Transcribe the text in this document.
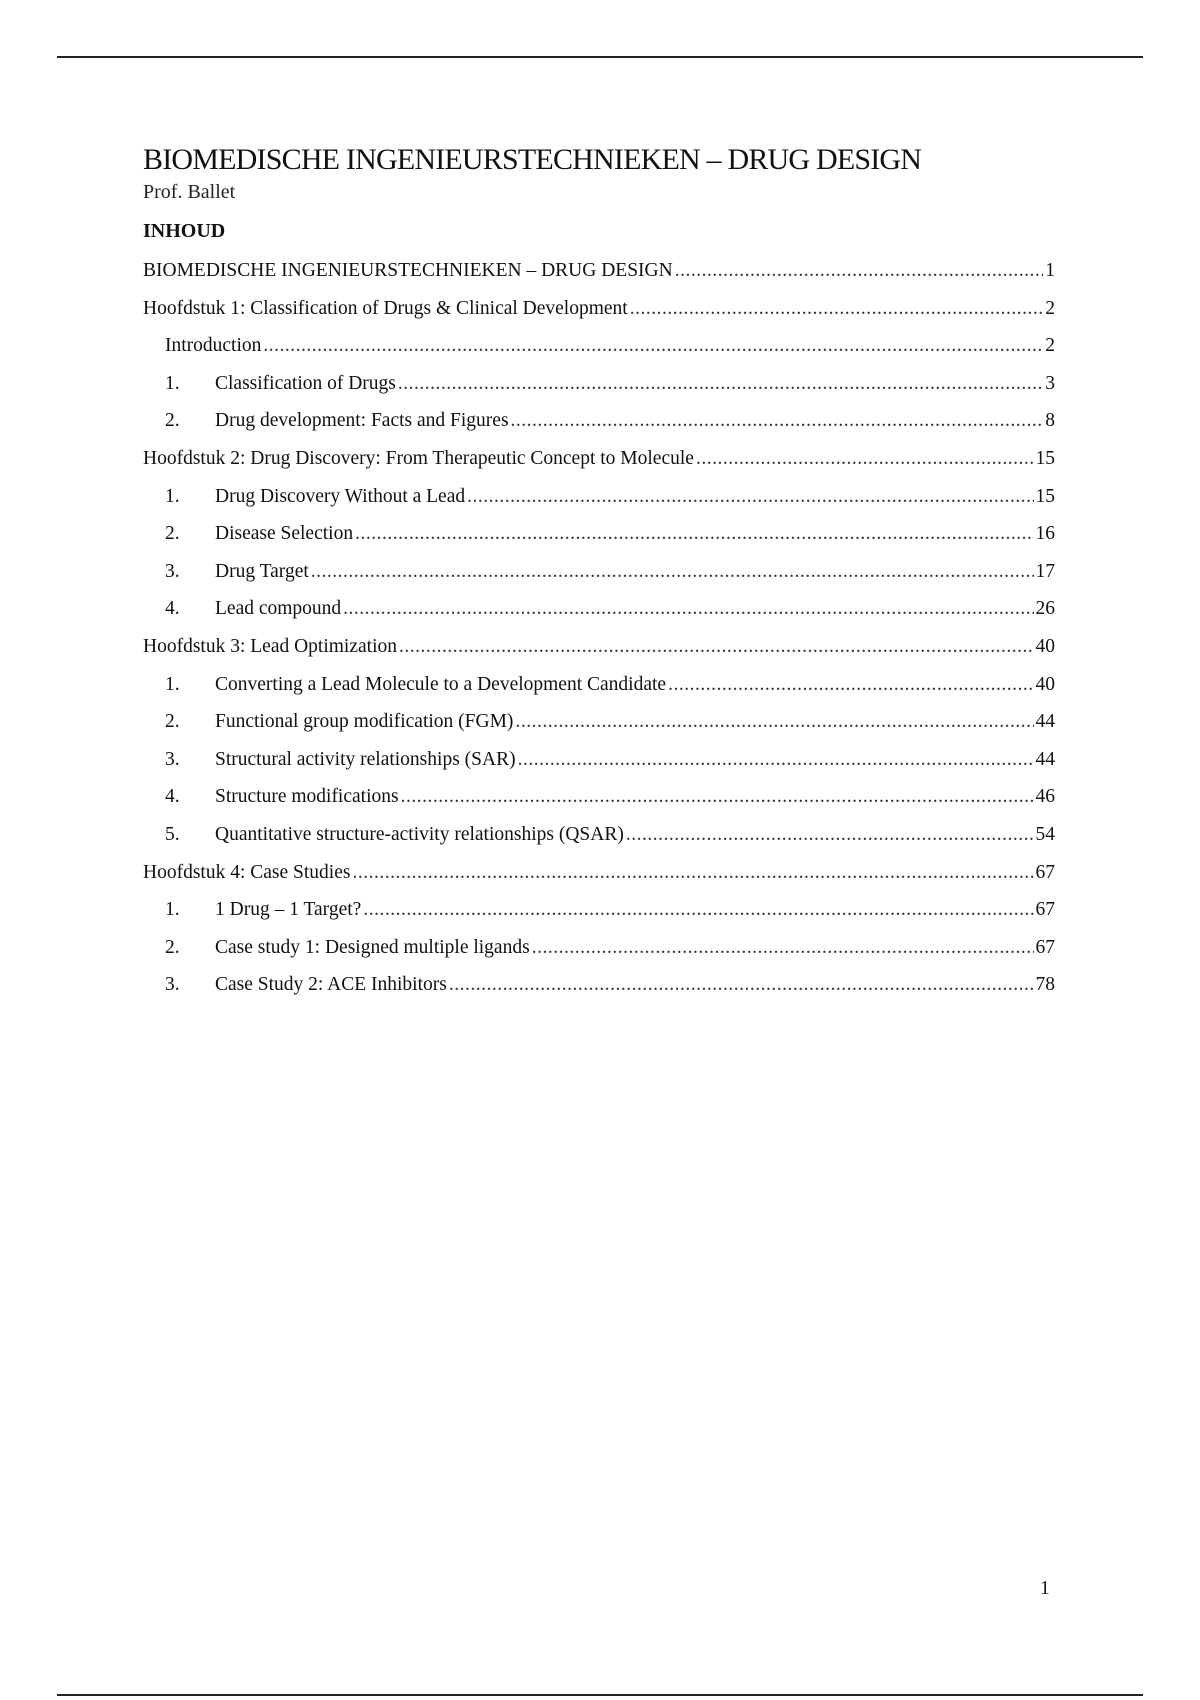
BIOMEDISCHE INGENIEURSTECHNIEKEN – DRUG DESIGN

Prof. Ballet

INHOUD

BIOMEDISCHE INGENIEURSTECHNIEKEN – DRUG DESIGN .....	1
Hoofdstuk 1: Classification of Drugs & Clinical Development .....	2
Introduction .....	2
1.	Classification of Drugs .....	3
2.	Drug development: Facts and Figures .....	8
Hoofdstuk 2: Drug Discovery: From Therapeutic Concept to Molecule .....	15
1.	Drug Discovery Without a Lead .....	15
2.	Disease Selection .....	16
3.	Drug Target .....	17
4.	Lead compound .....	26
Hoofdstuk 3: Lead Optimization .....	40
1.	Converting a Lead Molecule to a Development Candidate .....	40
2.	Functional group modification (FGM) .....	44
3.	Structural activity relationships (SAR) .....	44
4.	Structure modifications .....	46
5.	Quantitative structure-activity relationships (QSAR) .....	54
Hoofdstuk 4: Case Studies .....	67
1.	1 Drug – 1 Target? .....	67
2.	Case study 1: Designed multiple ligands .....	67
3.	Case Study 2: ACE Inhibitors .....	78
1
